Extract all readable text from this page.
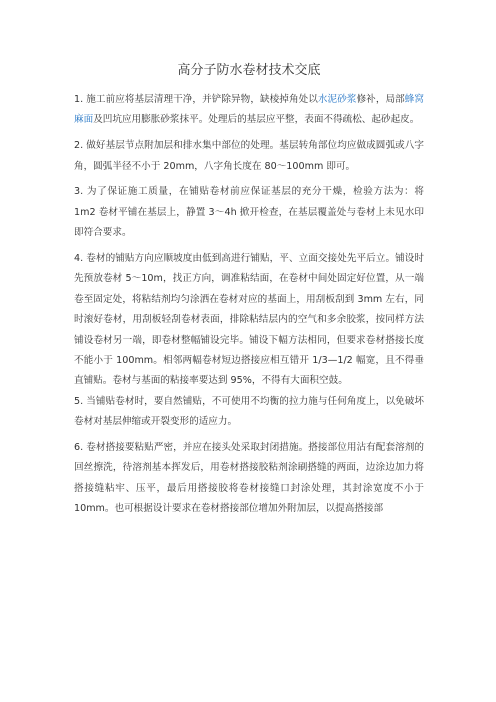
高分子防水卷材技术交底

1. 施工前应将基层清理干净，并铲除异物，缺棱掉角处以水泥砂浆修补，局部蜂窝麻面及凹坑应用膨胀砂浆抹平。处理后的基层应平整，表面不得疏松、起砂起皮。

2. 做好基层节点附加层和排水集中部位的处理。基层转角部位均应做成圆弧或八字角，圆弧半径不小于 20mm，八字角长度在 80～100mm 即可。

3. 为了保证施工质量，在铺贴卷材前应保证基层的充分干燥，检验方法为：将 1m2 卷材平铺在基层上，静置 3～4h 掀开检查，在基层覆盖处与卷材上未见水印即符合要求。

4. 卷材的铺贴方向应顺坡度由低到高进行铺贴，平、立面交接处先平后立。铺设时先预放卷材 5～10m，找正方向，调准粘结面，在卷材中间处固定好位置，从一端卷至固定处，将粘结剂均匀涂洒在卷材对应的基面上，用刮板刮到 3mm 左右，同时滚好卷材，用刮板轻刮卷材表面，排除粘结层内的空气和多余胶浆，按同样方法铺设卷材另一端，即卷材整幅铺设完毕。铺设下幅方法相同，但要求卷材搭接长度不能小于 100mm。相邻两幅卷材短边搭接应相互错开 1/3—1/2 幅宽，且不得垂直铺贴。卷材与基面的粘接率要达到 95%，不得有大面积空鼓。

5. 当铺贴卷材时，要自然铺贴，不可使用不均衡的拉力施与任何角度上，以免破坏卷材对基层伸缩或开裂变形的适应力。

6. 卷材搭接要粘贴严密，并应在接头处采取封闭措施。搭接部位用沾有配套溶剂的回丝擦洗，待溶剂基本挥发后，用卷材搭接胶粘剂涂刷搭缝的两面，边涂边加力将搭接缝粘牢、压平，最后用搭接胶将卷材接缝口封涂处理，其封涂宽度不小于 10mm。也可根据设计要求在卷材搭接部位增加外附加层，以提高搭接部
